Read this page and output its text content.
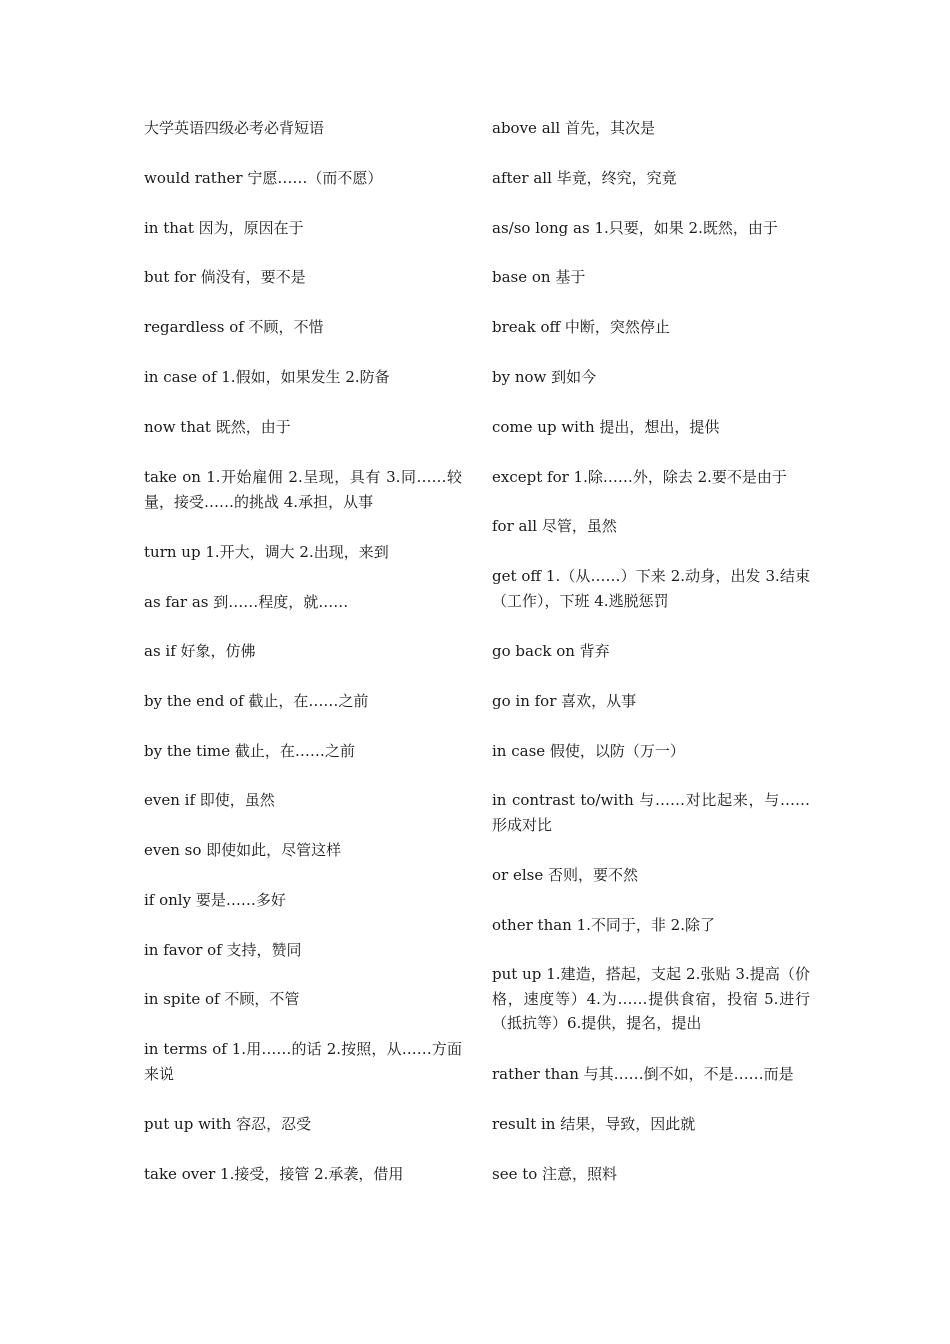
大学英语四级必考必背短语
would rather 宁愿……（而不愿）
in that 因为，原因在于
but for 倘没有，要不是
regardless of 不顾，不惜
in case of 1.假如，如果发生 2.防备
now that 既然，由于
take on 1.开始雇佣 2.呈现，具有 3.同……较量，接受……的挑战 4.承担，从事
turn up 1.开大，调大 2.出现，来到
as far as 到……程度，就……
as if 好象，仿佛
by the end of 截止，在……之前
by the time 截止，在……之前
even if 即使，虽然
even so 即使如此，尽管这样
if only 要是……多好
in favor of 支持，赞同
in spite of 不顾，不管
in terms of 1.用……的话 2.按照，从……方面来说
put up with 容忍，忍受
take over 1.接受，接管 2.承袭，借用
above all 首先，其次是
after all 毕竟，终究，究竟
as/so long as 1.只要，如果 2.既然，由于
base on 基于
break off 中断，突然停止
by now 到如今
come up with 提出，想出，提供
except for 1.除……外，除去 2.要不是由于
for all 尽管，虽然
get off 1.（从……）下来 2.动身，出发 3.结束（工作），下班 4.逃脱惩罚
go back on 背弃
go in for 喜欢，从事
in case 假使，以防（万一）
in contrast to/with 与……对比起来，与……形成对比
or else 否则，要不然
other than 1.不同于，非 2.除了
put up 1.建造，搭起，支起 2.张贴 3.提高（价格，速度等）4.为……提供食宿，投宿 5.进行（抵抗等）6.提供，提名，提出
rather than 与其……倒不如，不是……而是
result in 结果，导致，因此就
see to 注意，照料
